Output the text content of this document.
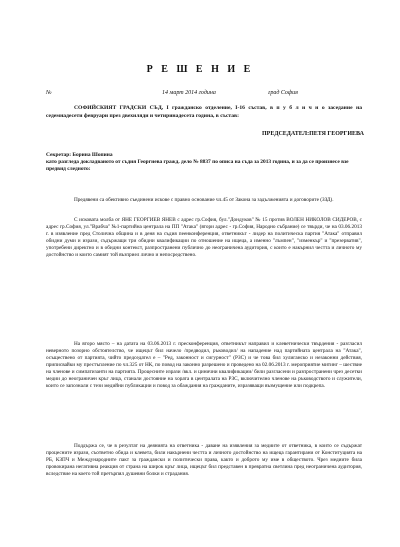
Р Е Ш Е Н И Е
№	14 март 2014 година	град София
СОФИЙСКИЯТ ГРАДСКИ СЪД, I гражданско отделение, I-16 състав, в п у б л и ч н о заседание на седемнадесети февруари през двехиляди и четиринадесета година, в състав:
ПРЕДСЕДАТЕЛ:ПЕТЯ ГЕОРГИЕВА
Секретар: Борина Шопина
като разгледа докладваното от съдия Георгиева гражд. дело № 8837 по описа на съда за 2013 година, и за да се произнесе взе предвид следното:
Предявени са обективно съединени искове с правно основание чл.45 от Закона за задълженията и договорите (ЗЗД).
С исковата молба от ЯНЕ ГЕОРГИЕВ ЯНЕВ с адрес гр.София, бул."Дондуков" № 15 против ВОЛЕН НИКОЛОВ СИДЕРОВ, с адрес гр.София, ул."Врабча" №1-партийна централа на ПП "Атака" (втори адрес - гр.София, Народно събрание) се твърди, че на 03.06.2013 г. в изявление пред Столична община и в деня на съдия пеенконференция, ответникът - лидер на политическа партия "Атака" отправил обидни думи и изрази, съдържащи три обидни квалификации по отношение на ищеца, а именно "лъмпен", "изменкър" и "презерватив", употребени директно и в обидни контекст, разпространени публично до неограничена аудитория, с които е накърнил честта и личното му достойнство и които самият той възприел лично и непосредствено.
На второ място – на датата на 03.06.2013 г. пресконференция, ответникът направил и клеветнически твърдения - разгласил неверното позорно обстоятелство, че ищецът бил начело /предводил, ръководил/ на нападение над партийната централа на "Атака", осъществено от партията, чийто председател е – "Ред, законност и сигурност" (РЗС) и че това бил хулиганско и незаконни действия, приписвайки му престъпление по чл.325 от НК, по повод на законно разрешено и проведено на 02.06.2013 г. мероприятие митинг – шествие на членове и симпатизанти на партията. Процесните изрази /вкл. и цинични квалификации/ били разгласени и разпространени чрез десетки медии до неограничен кръг лица, станали достояние на хората в централата на РЗС, включително членове на ръководството и служители, които се запознали с тези медийни публикации и повод за обаждания на гражданите, изразяващи възмущение или подкрепа.
Поддържа се, че в резултат на деянията на ответника - даване на изявления за медиите от ответника, в които се съдържат процесните изрази, съответно обида и клевета, били накърнени честта и личното достойнство на ищеца гарантирани от Конституцията на РБ, КЗПЧ и Международните пакт за граждански и политически права, както и доброто му име в обществото. Чрез медиите била провокирана негативна реакция от страна на широк кръг лица, ищецът бил представен в превратна светлина пред неограничена аудитория, вследствие на което той претърпял душевни болки и страдания.
